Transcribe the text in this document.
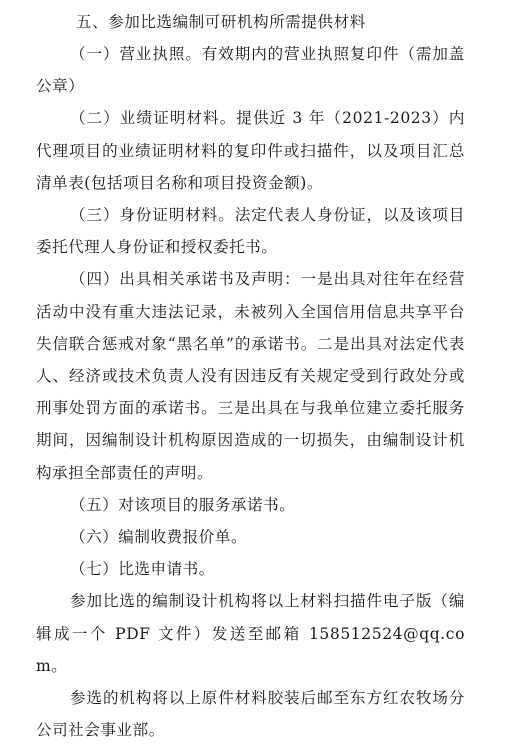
五、参加比选编制可研机构所需提供材料

（一）营业执照。有效期内的营业执照复印件（需加盖公章）

（二）业绩证明材料。提供近 3 年（2021-2023）内代理项目的业绩证明材料的复印件或扫描件，以及项目汇总清单表(包括项目名称和项目投资金额)。

（三）身份证明材料。法定代表人身份证，以及该项目委托代理人身份证和授权委托书。

（四）出具相关承诺书及声明：一是出具对往年在经营活动中没有重大违法记录，未被列入全国信用信息共享平台失信联合惩戒对象“黑名单”的承诺书。二是出具对法定代表人、经济或技术负责人没有因违反有关规定受到行政处分或刑事处罚方面的承诺书。三是出具在与我单位建立委托服务期间，因编制设计机构原因造成的一切损失，由编制设计机构承担全部责任的声明。

（五）对该项目的服务承诺书。

（六）编制收费报价单。

（七）比选申请书。

参加比选的编制设计机构将以上材料扫描件电子版（编辑成一个 PDF 文件）发送至邮箱 158512524@qq.com。

参选的机构将以上原件材料胶装后邮至东方红农牧场分公司社会事业部。
